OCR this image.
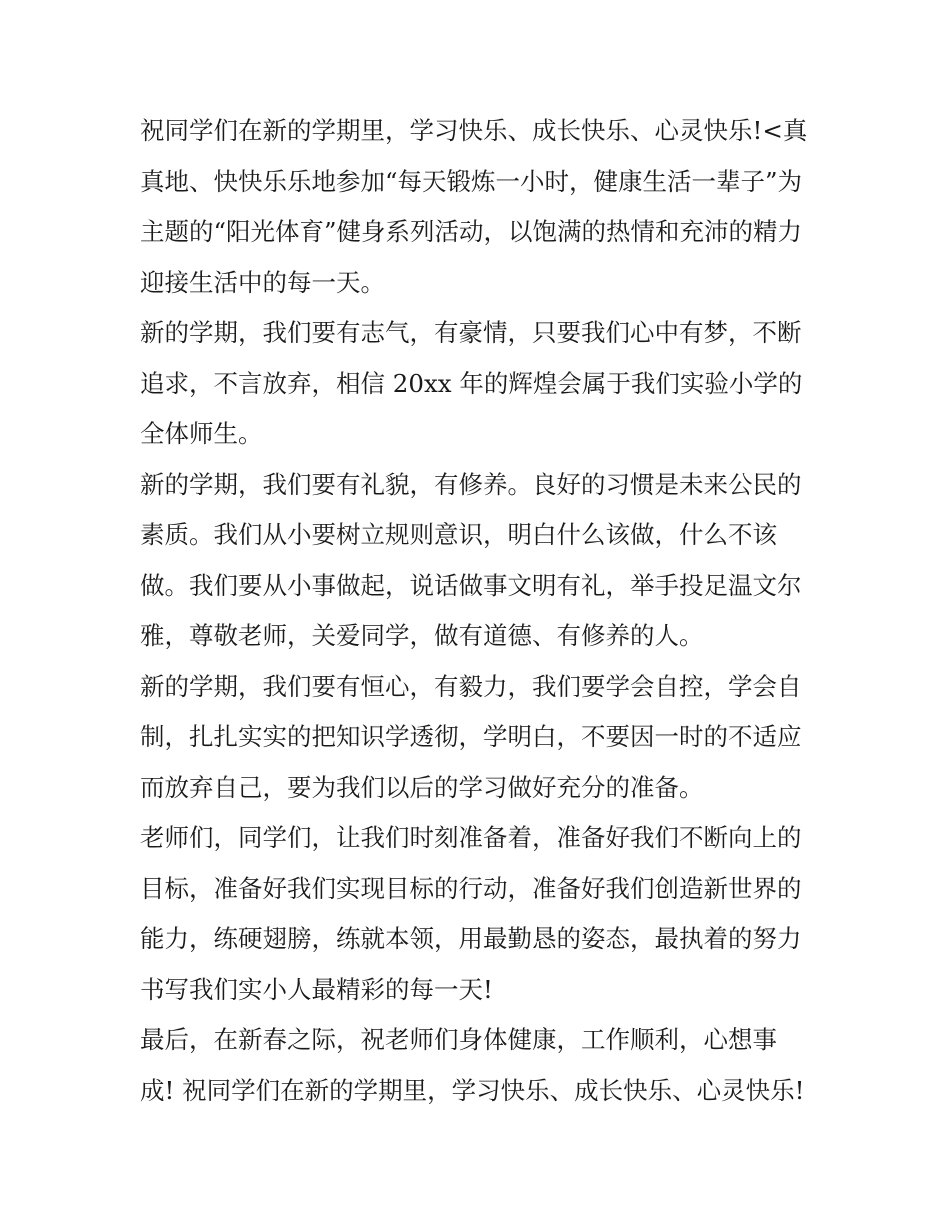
祝同学们在新的学期里，学习快乐、成长快乐、心灵快乐!<真
真地、快快乐乐地参加“每天锻炼一小时，健康生活一辈子”为
主题的“阳光体育”健身系列活动，以饱满的热情和充沛的精力
迎接生活中的每一天。
新的学期，我们要有志气，有豪情，只要我们心中有梦，不断
追求，不言放弃，相信 20xx 年的辉煌会属于我们实验小学的
全体师生。
新的学期，我们要有礼貌，有修养。良好的习惯是未来公民的
素质。我们从小要树立规则意识，明白什么该做，什么不该
做。我们要从小事做起，说话做事文明有礼，举手投足温文尔
雅，尊敬老师，关爱同学，做有道德、有修养的人。
新的学期，我们要有恒心，有毅力，我们要学会自控，学会自
制，扎扎实实的把知识学透彻，学明白，不要因一时的不适应
而放弃自己，要为我们以后的学习做好充分的准备。
老师们，同学们，让我们时刻准备着，准备好我们不断向上的
目标，准备好我们实现目标的行动，准备好我们创造新世界的
能力，练硬翅膀，练就本领，用最勤恳的姿态，最执着的努力
书写我们实小人最精彩的每一天!
最后，在新春之际，祝老师们身体健康，工作顺利，心想事
成! 祝同学们在新的学期里，学习快乐、成长快乐、心灵快乐!
